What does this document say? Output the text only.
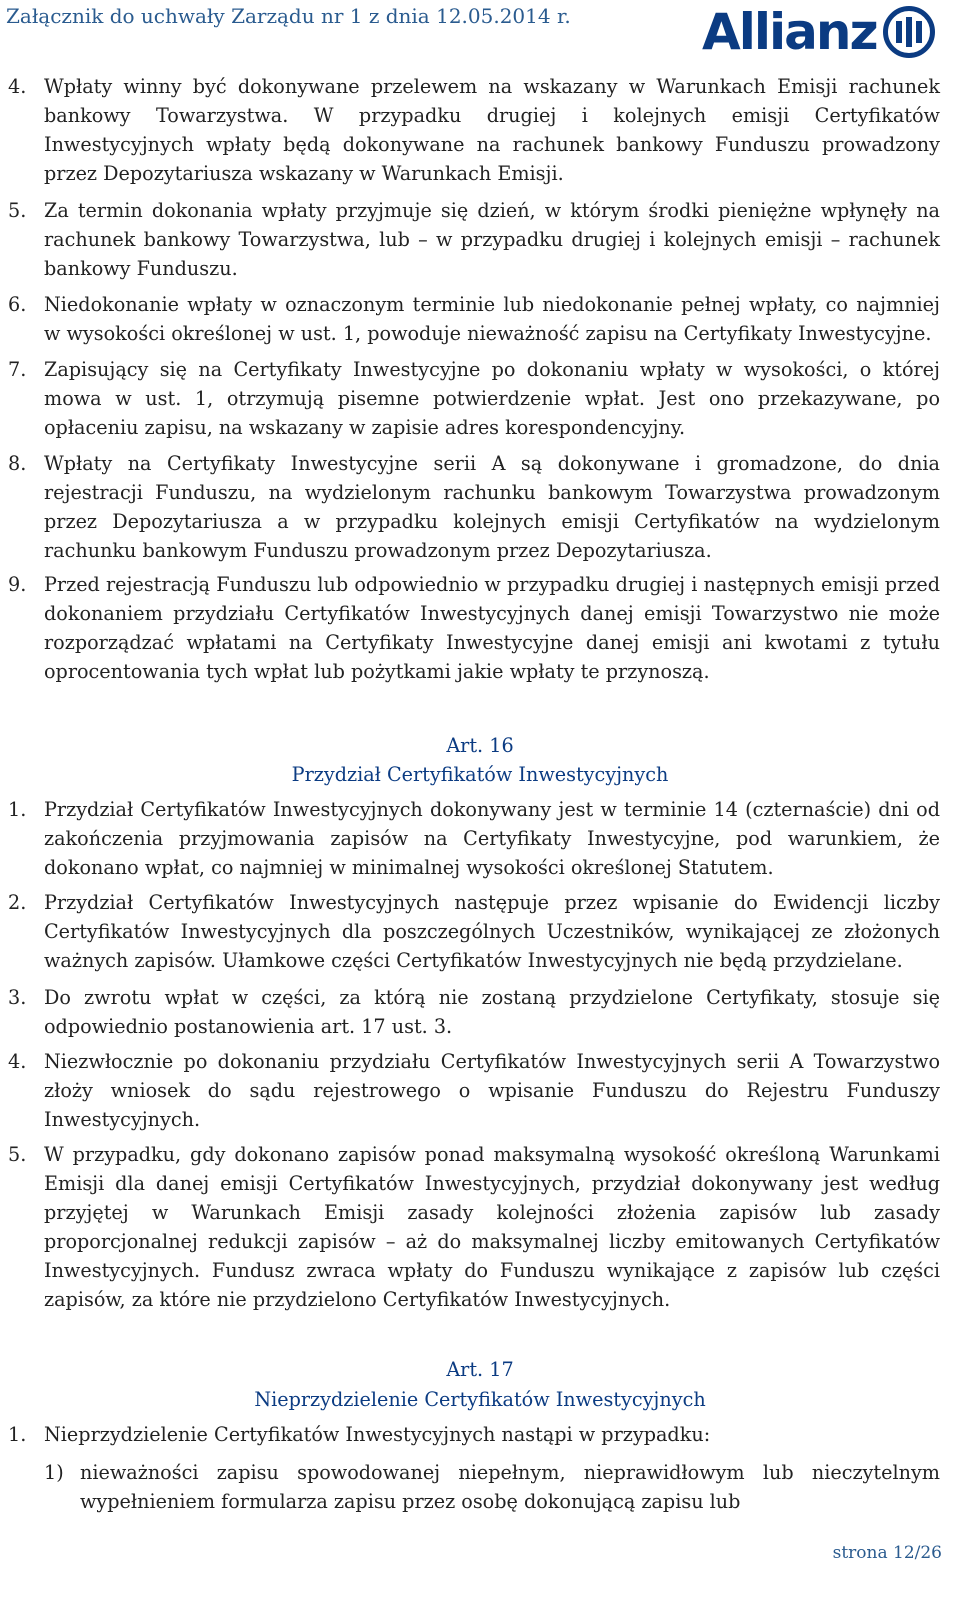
Załącznik do uchwały Zarządu nr 1 z dnia 12.05.2014 r.	Allianz
4. Wpłaty winny być dokonywane przelewem na wskazany w Warunkach Emisji rachunek bankowy Towarzystwa. W przypadku drugiej i kolejnych emisji Certyfikatów Inwestycyjnych wpłaty będą dokonywane na rachunek bankowy Funduszu prowadzony przez Depozytariusza wskazany w Warunkach Emisji.
5. Za termin dokonania wpłaty przyjmuje się dzień, w którym środki pieniężne wpłynęły na rachunek bankowy Towarzystwa, lub – w przypadku drugiej i kolejnych emisji – rachunek bankowy Funduszu.
6. Niedokonanie wpłaty w oznaczonym terminie lub niedokonanie pełnej wpłaty, co najmniej w wysokości określonej w ust. 1, powoduje nieważność zapisu na Certyfikaty Inwestycyjne.
7. Zapisujący się na Certyfikaty Inwestycyjne po dokonaniu wpłaty w wysokości, o której mowa w ust. 1, otrzymują pisemne potwierdzenie wpłat. Jest ono przekazywane, po opłaceniu zapisu, na wskazany w zapisie adres korespondencyjny.
8. Wpłaty na Certyfikaty Inwestycyjne serii A są dokonywane i gromadzone, do dnia rejestracji Funduszu, na wydzielonym rachunku bankowym Towarzystwa prowadzonym przez Depozytariusza a w przypadku kolejnych emisji Certyfikatów na wydzielonym rachunku bankowym Funduszu prowadzonym przez Depozytariusza.
9. Przed rejestracją Funduszu lub odpowiednio w przypadku drugiej i następnych emisji przed dokonaniem przydziału Certyfikatów Inwestycyjnych danej emisji Towarzystwo nie może rozporządzać wpłatami na Certyfikaty Inwestycyjne danej emisji ani kwotami z tytułu oprocentowania tych wpłat lub pożytkami jakie wpłaty te przynoszą.
Art. 16
Przydział Certyfikatów Inwestycyjnych
1. Przydział Certyfikatów Inwestycyjnych dokonywany jest w terminie 14 (czternaście) dni od zakończenia przyjmowania zapisów na Certyfikaty Inwestycyjne, pod warunkiem, że dokonano wpłat, co najmniej w minimalnej wysokości określonej Statutem.
2. Przydział Certyfikatów Inwestycyjnych następuje przez wpisanie do Ewidencji liczby Certyfikatów Inwestycyjnych dla poszczególnych Uczestników, wynikającej ze złożonych ważnych zapisów. Ułamkowe części Certyfikatów Inwestycyjnych nie będą przydzielane.
3. Do zwrotu wpłat w części, za którą nie zostaną przydzielone Certyfikaty, stosuje się odpowiednio postanowienia art. 17 ust. 3.
4. Niezwłocznie po dokonaniu przydziału Certyfikatów Inwestycyjnych serii A Towarzystwo złoży wniosek do sądu rejestrowego o wpisanie Funduszu do Rejestru Funduszy Inwestycyjnych.
5. W przypadku, gdy dokonano zapisów ponad maksymalną wysokość określoną Warunkami Emisji dla danej emisji Certyfikatów Inwestycyjnych, przydział dokonywany jest według przyjętej w Warunkach Emisji zasady kolejności złożenia zapisów lub zasady proporcjonalnej redukcji zapisów – aż do maksymalnej liczby emitowanych Certyfikatów Inwestycyjnych. Fundusz zwraca wpłaty do Funduszu wynikające z zapisów lub części zapisów, za które nie przydzielono Certyfikatów Inwestycyjnych.
Art. 17
Nieprzydzielenie Certyfikatów Inwestycyjnych
1. Nieprzydzielenie Certyfikatów Inwestycyjnych nastąpi w przypadku:
1) nieważności zapisu spowodowanej niepełnym, nieprawidłowym lub nieczytelnym wypełnieniem formularza zapisu przez osobę dokonującą zapisu lub
strona 12/26
